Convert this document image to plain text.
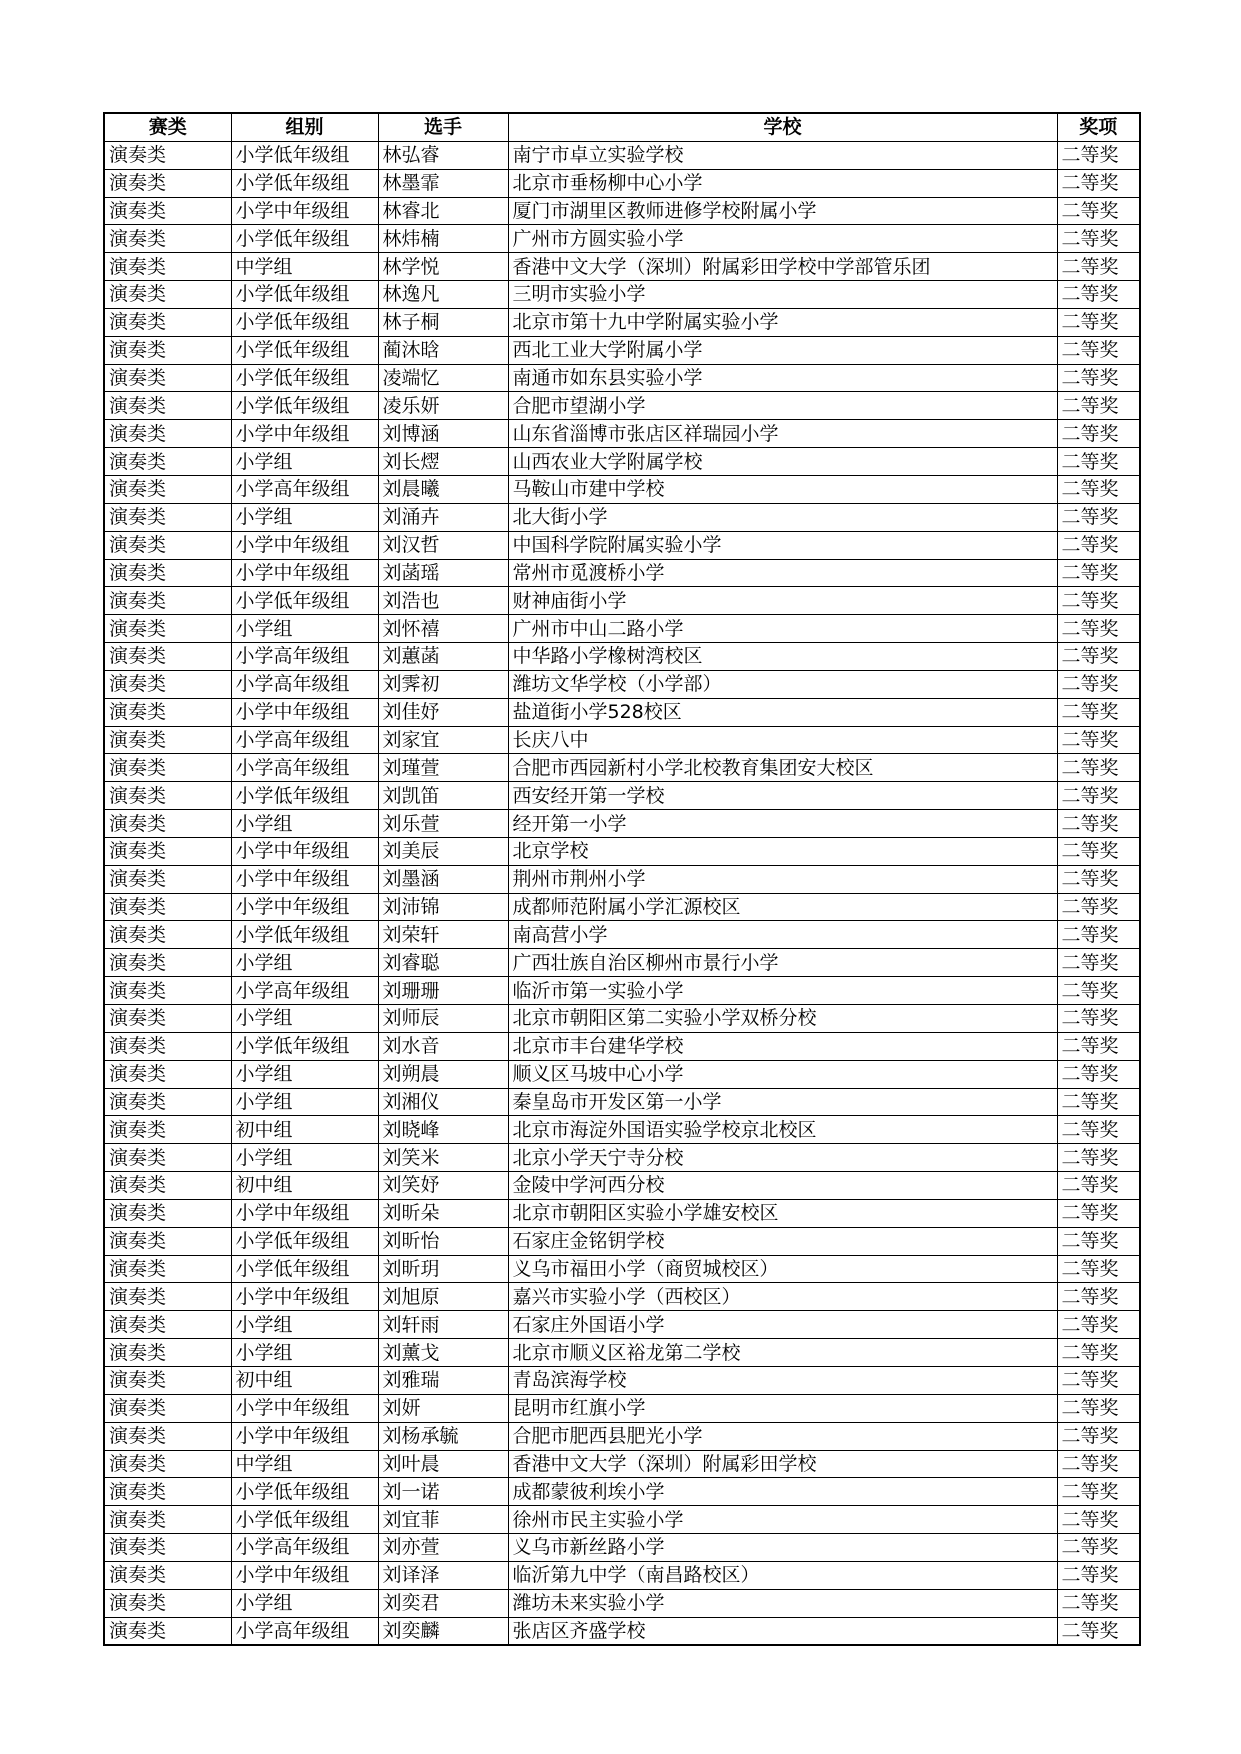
赛类	组别	选手	学校	奖项
演奏类	小学低年级组	林弘睿	南宁市卓立实验学校	二等奖
演奏类	小学低年级组	林墨霏	北京市垂杨柳中心小学	二等奖
演奏类	小学中年级组	林睿北	厦门市湖里区教师进修学校附属小学	二等奖
演奏类	小学低年级组	林炜楠	广州市方圆实验小学	二等奖
演奏类	中学组	林学悦	香港中文大学（深圳）附属彩田学校中学部管乐团	二等奖
演奏类	小学低年级组	林逸凡	三明市实验小学	二等奖
演奏类	小学低年级组	林子桐	北京市第十九中学附属实验小学	二等奖
演奏类	小学低年级组	蔺沐晗	西北工业大学附属小学	二等奖
演奏类	小学低年级组	凌端忆	南通市如东县实验小学	二等奖
演奏类	小学低年级组	凌乐妍	合肥市望湖小学	二等奖
演奏类	小学中年级组	刘博涵	山东省淄博市张店区祥瑞园小学	二等奖
演奏类	小学组	刘长熤	山西农业大学附属学校	二等奖
演奏类	小学高年级组	刘晨曦	马鞍山市建中学校	二等奖
演奏类	小学组	刘涌卉	北大街小学	二等奖
演奏类	小学中年级组	刘汉哲	中国科学院附属实验小学	二等奖
演奏类	小学中年级组	刘菡瑶	常州市觅渡桥小学	二等奖
演奏类	小学低年级组	刘浩也	财神庙街小学	二等奖
演奏类	小学组	刘怀禧	广州市中山二路小学	二等奖
演奏类	小学高年级组	刘蕙菡	中华路小学橡树湾校区	二等奖
演奏类	小学高年级组	刘霁初	潍坊文华学校（小学部）	二等奖
演奏类	小学中年级组	刘佳妤	盐道街小学528校区	二等奖
演奏类	小学高年级组	刘家宜	长庆八中	二等奖
演奏类	小学高年级组	刘瑾萱	合肥市西园新村小学北校教育集团安大校区	二等奖
演奏类	小学低年级组	刘凯笛	西安经开第一学校	二等奖
演奏类	小学组	刘乐萱	经开第一小学	二等奖
演奏类	小学中年级组	刘美辰	北京学校	二等奖
演奏类	小学中年级组	刘墨涵	荆州市荆州小学	二等奖
演奏类	小学中年级组	刘沛锦	成都师范附属小学汇源校区	二等奖
演奏类	小学低年级组	刘荣轩	南高营小学	二等奖
演奏类	小学组	刘睿聪	广西壮族自治区柳州市景行小学	二等奖
演奏类	小学高年级组	刘珊珊	临沂市第一实验小学	二等奖
演奏类	小学组	刘师辰	北京市朝阳区第二实验小学双桥分校	二等奖
演奏类	小学低年级组	刘水音	北京市丰台建华学校	二等奖
演奏类	小学组	刘朔晨	顺义区马坡中心小学	二等奖
演奏类	小学组	刘湘仪	秦皇岛市开发区第一小学	二等奖
演奏类	初中组	刘晓峰	北京市海淀外国语实验学校京北校区	二等奖
演奏类	小学组	刘笑米	北京小学天宁寺分校	二等奖
演奏类	初中组	刘笑妤	金陵中学河西分校	二等奖
演奏类	小学中年级组	刘昕朵	北京市朝阳区实验小学雄安校区	二等奖
演奏类	小学低年级组	刘昕怡	石家庄金铭钥学校	二等奖
演奏类	小学低年级组	刘昕玥	义乌市福田小学（商贸城校区）	二等奖
演奏类	小学中年级组	刘旭原	嘉兴市实验小学（西校区）	二等奖
演奏类	小学组	刘轩雨	石家庄外国语小学	二等奖
演奏类	小学组	刘薰戈	北京市顺义区裕龙第二学校	二等奖
演奏类	初中组	刘雅瑞	青岛滨海学校	二等奖
演奏类	小学中年级组	刘妍	昆明市红旗小学	二等奖
演奏类	小学中年级组	刘杨承毓	合肥市肥西县肥光小学	二等奖
演奏类	中学组	刘叶晨	香港中文大学（深圳）附属彩田学校	二等奖
演奏类	小学低年级组	刘一诺	成都蒙彼利埃小学	二等奖
演奏类	小学低年级组	刘宜菲	徐州市民主实验小学	二等奖
演奏类	小学高年级组	刘亦萱	义乌市新丝路小学	二等奖
演奏类	小学中年级组	刘译泽	临沂第九中学（南昌路校区）	二等奖
演奏类	小学组	刘奕君	潍坊未来实验小学	二等奖
演奏类	小学高年级组	刘奕麟	张店区齐盛学校	二等奖
